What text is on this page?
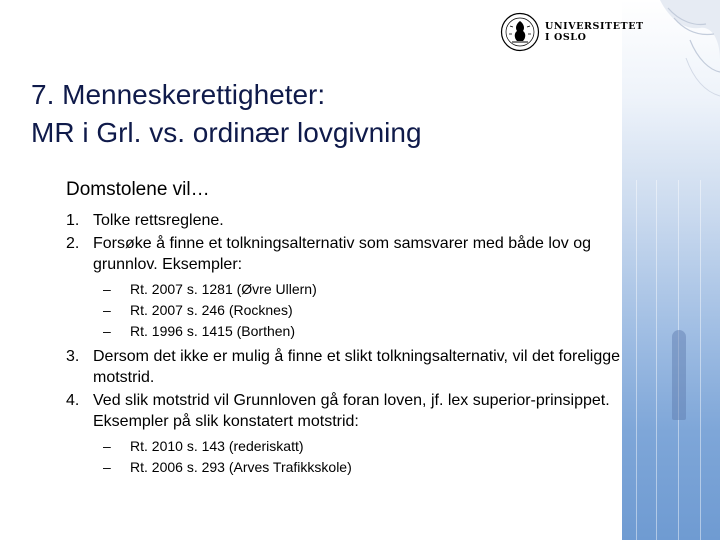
UNIVERSITETET
I OSLO
7. Menneskerettigheter:
MR i Grl. vs. ordinær lovgivning
Domstolene vil…
1. Tolke rettsreglene.
2. Forsøke å finne et tolkningsalternativ som samsvarer med både lov og grunnlov. Eksempler:
– Rt. 2007 s. 1281 (Øvre Ullern)
– Rt. 2007 s. 246 (Rocknes)
– Rt. 1996 s. 1415 (Borthen)
3. Dersom det ikke er mulig å finne et slikt tolkningsalternativ, vil det foreligge motstrid.
4. Ved slik motstrid vil Grunnloven gå foran loven, jf. lex superior-prinsippet. Eksempler på slik konstatert motstrid:
– Rt. 2010 s. 143 (rederiskatt)
– Rt. 2006 s. 293 (Arves Trafikkskole)
